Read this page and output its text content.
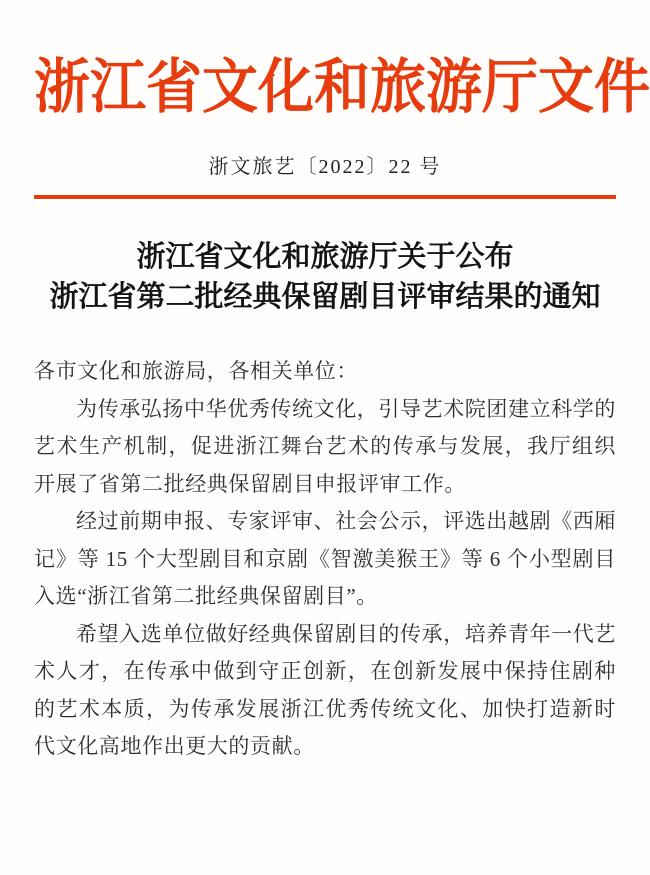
浙江省文化和旅游厅文件
浙文旅艺〔2022〕22 号
浙江省文化和旅游厅关于公布
浙江省第二批经典保留剧目评审结果的通知

各市文化和旅游局，各相关单位：

为传承弘扬中华优秀传统文化，引导艺术院团建立科学的艺术生产机制，促进浙江舞台艺术的传承与发展，我厅组织开展了省第二批经典保留剧目申报评审工作。

经过前期申报、专家评审、社会公示，评选出越剧《西厢记》等 15 个大型剧目和京剧《智激美猴王》等 6 个小型剧目入选“浙江省第二批经典保留剧目”。

希望入选单位做好经典保留剧目的传承，培养青年一代艺术人才，在传承中做到守正创新，在创新发展中保持住剧种的艺术本质，为传承发展浙江优秀传统文化、加快打造新时代文化高地作出更大的贡献。
